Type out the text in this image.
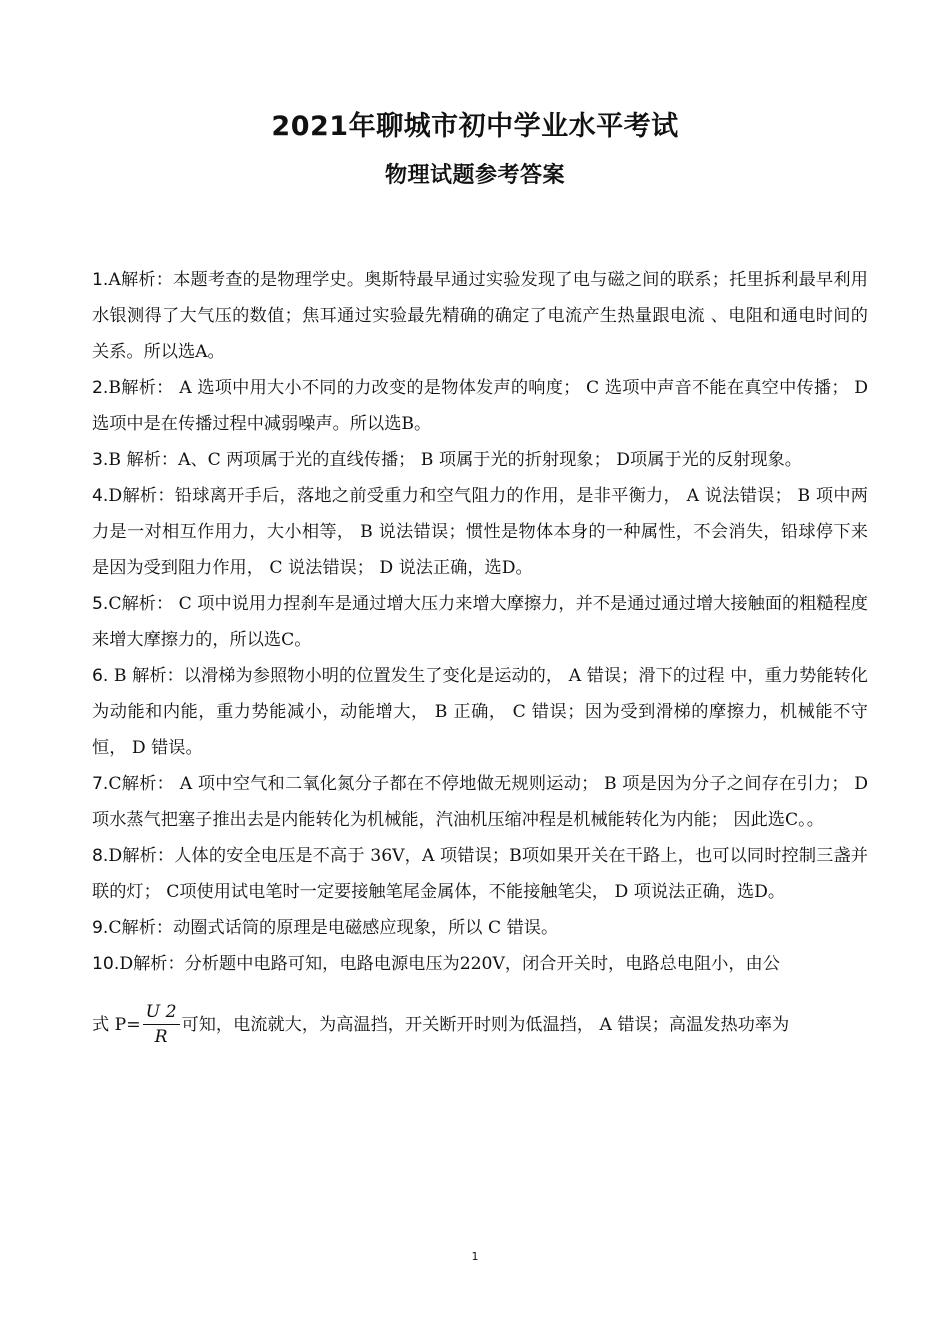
2021年聊城市初中学业水平考试
物理试题参考答案

1.A解析：本题考查的是物理学史。奥斯特最早通过实验发现了电与磁之间的联系；托里拆利最早利用水银测得了大气压的数值；焦耳通过实验最先精确的确定了电流产生热量跟电流 、电阻和通电时间的关系。所以选A。

2.B解析： A 选项中用大小不同的力改变的是物体发声的响度； C 选项中声音不能在真空中传播； D选项中是在传播过程中减弱噪声。所以选B。

3.B 解析：A、C 两项属于光的直线传播； B 项属于光的折射现象； D项属于光的反射现象。

4.D解析：铅球离开手后，落地之前受重力和空气阻力的作用，是非平衡力， A 说法错误； B 项中两力是一对相互作用力，大小相等， B 说法错误；惯性是物体本身的一种属性，不会消失，铅球停下来是因为受到阻力作用， C 说法错误； D 说法正确，选D。

5.C解析： C 项中说用力捏刹车是通过增大压力来增大摩擦力，并不是通过通过增大接触面的粗糙程度来增大摩擦力的，所以选C。

6. B 解析：以滑梯为参照物小明的位置发生了变化是运动的， A 错误；滑下的过程 中，重力势能转化为动能和内能，重力势能减小，动能增大， B 正确， C 错误；因为受到滑梯的摩擦力，机械能不守恒， D 错误。

7.C解析： A 项中空气和二氧化氮分子都在不停地做无规则运动； B 项是因为分子之间存在引力； D 项水蒸气把塞子推出去是内能转化为机械能，汽油机压缩冲程是机械能转化为内能； 因此选C。。

8.D解析：人体的安全电压是不高于 36V，A 项错误；B项如果开关在干路上，也可以同时控制三盏并联的灯； C项使用试电笔时一定要接触笔尾金属体，不能接触笔尖， D 项说法正确，选D。

9.C解析：动圈式话筒的原理是电磁感应现象，所以 C 错误。

10.D解析：分析题中电路可知，电路电源电压为220V，闭合开关时，电路总电阻小，由公

式 $P= \frac{U 2}{R}$ 可知，电流就大，为高温挡，开关断开时则为低温挡， A 错误；高温发热功率为
1
